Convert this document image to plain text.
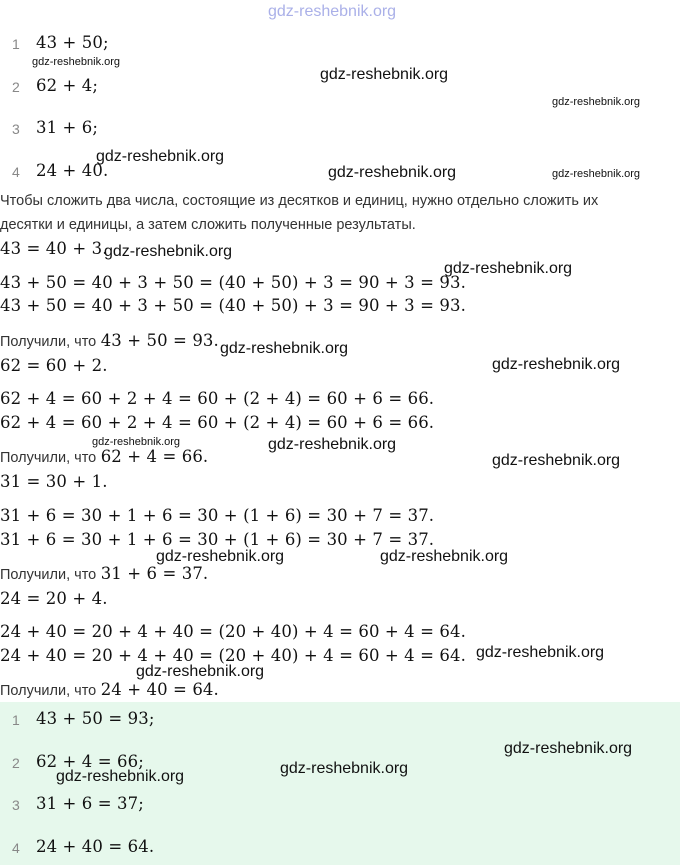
gdz-reshebnik.org
1 43 + 50;
2 62 + 4;
3 31 + 6;
4 24 + 40.
Чтобы сложить два числа, состоящие из десятков и единиц, нужно отдельно сложить их
десятки и единицы, а затем сложить полученные результаты.
43 = 40 + 3.
43 + 50 = 40 + 3 + 50 = (40 + 50) + 3 = 90 + 3 = 93.
43 + 50 = 40 + 3 + 50 = (40 + 50) + 3 = 90 + 3 = 93.
Получили, что 43 + 50 = 93.
62 = 60 + 2.
62 + 4 = 60 + 2 + 4 = 60 + (2 + 4) = 60 + 6 = 66.
62 + 4 = 60 + 2 + 4 = 60 + (2 + 4) = 60 + 6 = 66.
Получили, что 62 + 4 = 66.
31 = 30 + 1.
31 + 6 = 30 + 1 + 6 = 30 + (1 + 6) = 30 + 7 = 37.
31 + 6 = 30 + 1 + 6 = 30 + (1 + 6) = 30 + 7 = 37.
Получили, что 31 + 6 = 37.
24 = 20 + 4.
24 + 40 = 20 + 4 + 40 = (20 + 40) + 4 = 60 + 4 = 64.
24 + 40 = 20 + 4 + 40 = (20 + 40) + 4 = 60 + 4 = 64.
Получили, что 24 + 40 = 64.
1 43 + 50 = 93;
2 62 + 4 = 66;
3 31 + 6 = 37;
4 24 + 40 = 64.
gdz-reshebnik.org
gdz-reshebnik.org
gdz-reshebnik.org
gdz-reshebnik.org
gdz-reshebnik.org	gdz-reshebnik.org
gdz-reshebnik.org
gdz-reshebnik.org
gdz-reshebnik.org
gdz-reshebnik.org
gdz-reshebnik.org	gdz-reshebnik.org
gdz-reshebnik.org
gdz-reshebnik.org	gdz-reshebnik.org
gdz-reshebnik.org
gdz-reshebnik.org
gdz-reshebnik.org
gdz-reshebnik.org
gdz-reshebnik.org
